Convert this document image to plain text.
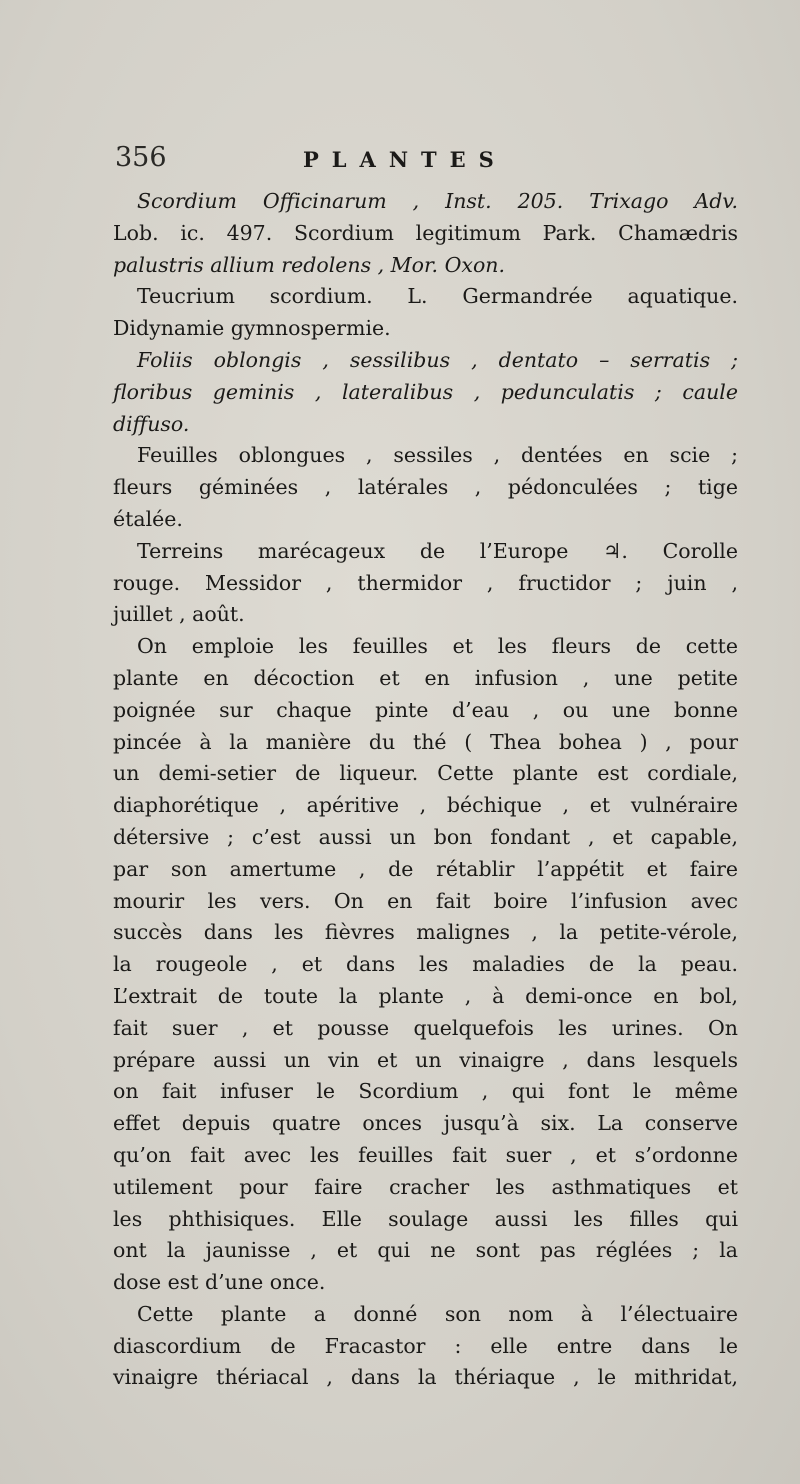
356	PLANTES
Scordium Officinarum , Inst. 205. Trixago Adv.
Lob. ic. 497. Scordium legitimum Park. Chamædris
palustris allium redolens , Mor. Oxon.
Teucrium scordium. L. Germandrée aquatique.
Didynamie gymnospermie.
Foliis oblongis , sessilibus , dentato – serratis ;
floribus geminis , lateralibus , pedunculatis ; caule
diffuso.
Feuilles oblongues , sessiles , dentées en scie ;
fleurs géminées , latérales , pédonculées ; tige
étalée.
Terreins marécageux de l’Europe ♃. Corolle
rouge. Messidor , thermidor , fructidor ; juin ,
juillet , août.
On emploie les feuilles et les fleurs de cette
plante en décoction et en infusion , une petite
poignée sur chaque pinte d’eau , ou une bonne
pincée à la manière du thé ( Thea bohea ) , pour
un demi-setier de liqueur. Cette plante est cordiale,
diaphorétique , apéritive , béchique , et vulnéraire
détersive ; c’est aussi un bon fondant , et capable,
par son amertume , de rétablir l’appétit et faire
mourir les vers. On en fait boire l’infusion avec
succès dans les fièvres malignes , la petite-vérole,
la rougeole , et dans les maladies de la peau.
L’extrait de toute la plante , à demi-once en bol,
fait suer , et pousse quelquefois les urines. On
prépare aussi un vin et un vinaigre , dans lesquels
on fait infuser le Scordium , qui font le même
effet depuis quatre onces jusqu’à six. La conserve
qu’on fait avec les feuilles fait suer , et s’ordonne
utilement pour faire cracher les asthmatiques et
les phthisiques. Elle soulage aussi les filles qui
ont la jaunisse , et qui ne sont pas réglées ; la
dose est d’une once.
Cette plante a donné son nom à l’électuaire
diascordium de Fracastor : elle entre dans le
vinaigre thériacal , dans la thériaque , le mithridat,
